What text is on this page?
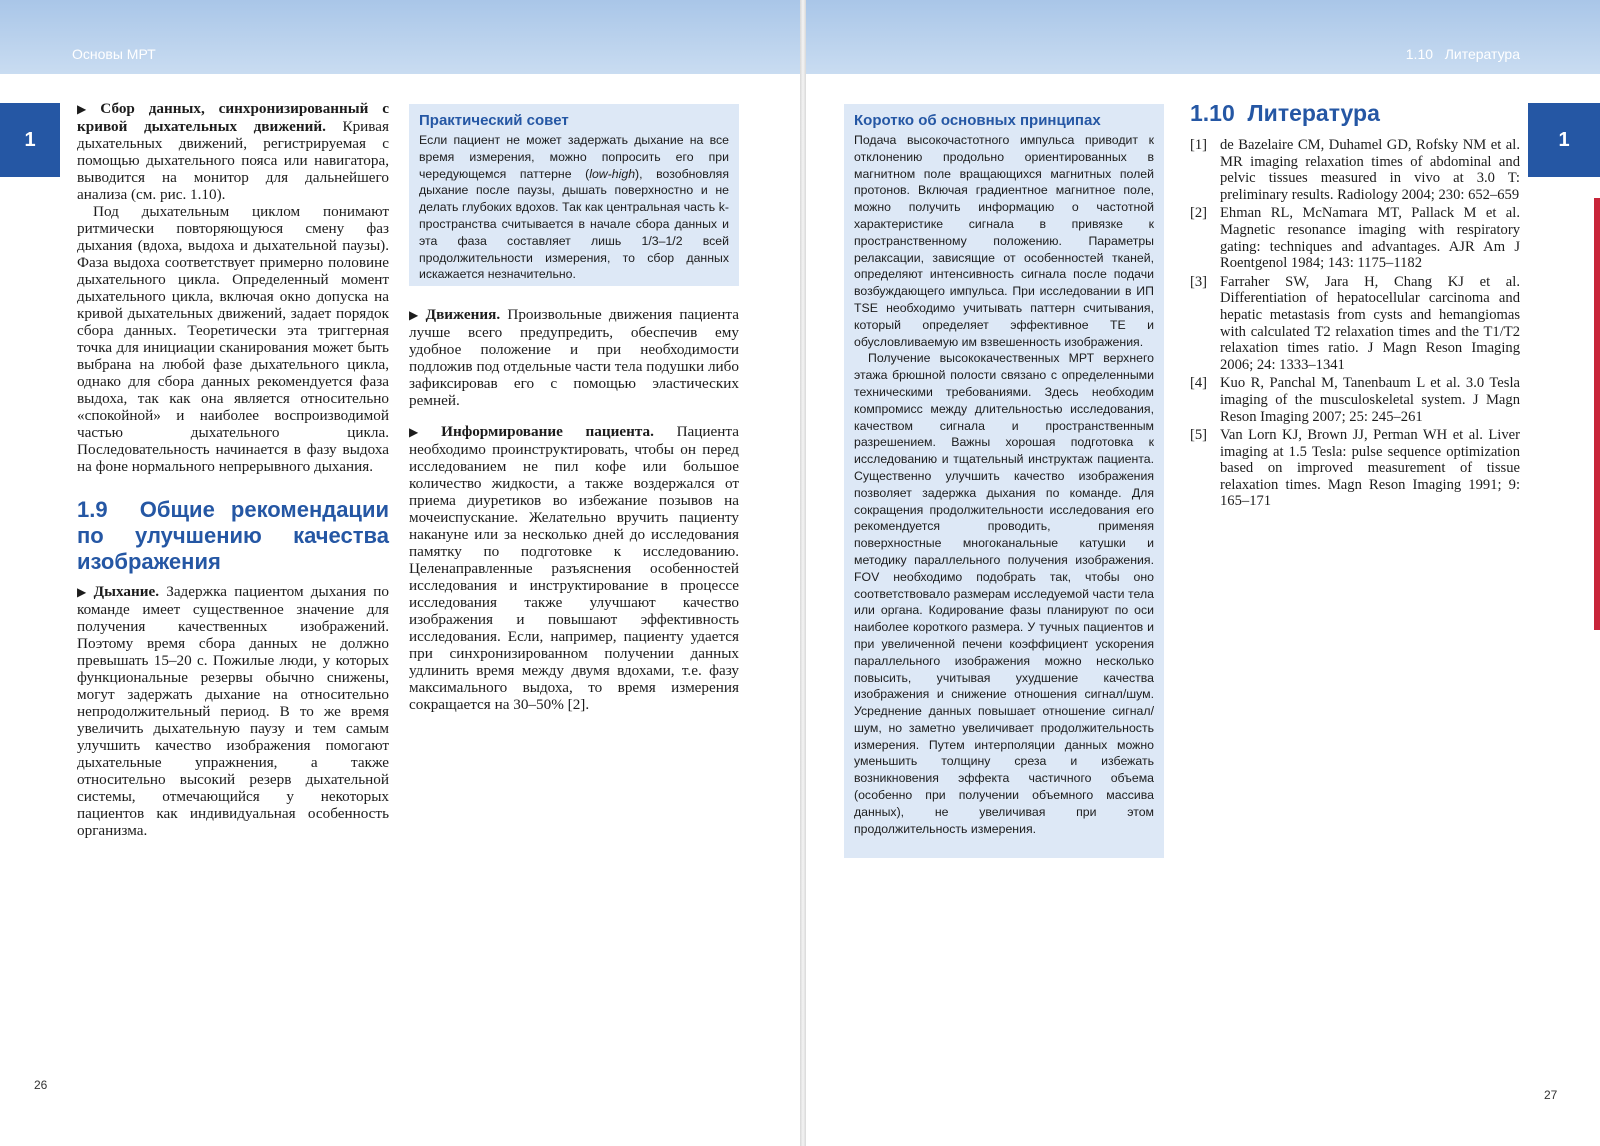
Основы МРТ
1

▶ Сбор данных, синхронизированный с кривой дыхательных движений. Кривая дыхательных движений, регистрируемая с помощью дыхательного пояса или навигатора, выводится на монитор для дальнейшего анализа (см. рис. 1.10).

Под дыхательным циклом понимают ритмически повторяющуюся смену фаз дыхания (вдоха, выдоха и дыхательной паузы). Фаза выдоха соответствует примерно половине дыхательного цикла. Определенный момент дыхательного цикла, включая окно допуска на кривой дыхательных движений, задает порядок сбора данных. Теоретически эта триггерная точка для инициации сканирования может быть выбрана на любой фазе дыхательного цикла, однако для сбора данных рекомендуется фаза выдоха, так как она является относительно «спокойной» и наиболее воспроизводимой частью дыхательного цикла. Последовательность начинается в фазу выдоха на фоне нормального непрерывного дыхания.

1.9 Общие рекомендации по улучшению качества изображения

▶ Дыхание. Задержка пациентом дыхания по команде имеет существенное значение для получения качественных изображений. Поэтому время сбора данных не должно превышать 15–20 с. Пожилые люди, у которых функциональные резервы обычно снижены, могут задержать дыхание на относительно непродолжительный период. В то же время увеличить дыхательную паузу и тем самым улучшить качество изображения помогают дыхательные упражнения, а также относительно высокий резерв дыхательной системы, отмечающийся у некоторых пациентов как индивидуальная особенность организма.

Практический совет

Если пациент не может задержать дыхание на все время измерения, можно попросить его при чередующемся паттерне (low-high), возобновляя дыхание после паузы, дышать поверхностно и не делать глубоких вдохов. Так как центральная часть k-пространства считывается в начале сбора данных и эта фаза составляет лишь 1/3–1/2 всей продолжительности измерения, то сбор данных искажается незначительно.

▶ Движения. Произвольные движения пациента лучше всего предупредить, обеспечив ему удобное положение и при необходимости подложив под отдельные части тела подушки либо зафиксировав его с помощью эластических ремней.

▶ Информирование пациента. Пациента необходимо проинструктировать, чтобы он перед исследованием не пил кофе или большое количество жидкости, а также воздержался от приема диуретиков во избежание позывов на мочеиспускание. Желательно вручить пациенту накануне или за несколько дней до исследования памятку по подготовке к исследованию. Целенаправленные разъяснения особенностей исследования и инструктирование в процессе исследования также улучшают качество изображения и повышают эффективность исследования. Если, например, пациенту удается при синхронизированном получении данных удлинить время между двумя вдохами, т.е. фазу максимального выдоха, то время измерения сокращается на 30–50% [2].

26
1.10 Литература
1
Коротко об основных принципах

Подача высокочастотного импульса приводит к отклонению продольно ориентированных в магнитном поле вращающихся магнитных полей протонов. Включая градиентное магнитное поле, можно получить информацию о частотной характеристике сигнала в привязке к пространственному положению. Параметры релаксации, зависящие от особенностей тканей, определяют интенсивность сигнала после подачи возбуждающего импульса. При исследовании в ИП TSE необходимо учитывать паттерн считывания, который определяет эффективное TE и обусловливаемую им взвешенность изображения.

Получение высококачественных МРТ верхнего этажа брюшной полости связано с определенными техническими требованиями. Здесь необходим компромисс между длительностью исследования, качеством сигнала и пространственным разрешением. Важны хорошая подготовка к исследованию и тщательный инструктаж пациента. Существенно улучшить качество изображения позволяет задержка дыхания по команде. Для сокращения продолжительности исследования его рекомендуется проводить, применяя поверхностные многоканальные катушки и методику параллельного получения изображения. FOV необходимо подобрать так, чтобы оно соответствовало размерам исследуемой части тела или органа. Кодирование фазы планируют по оси наиболее короткого размера. У тучных пациентов и при увеличенной печени коэффициент ускорения параллельного изображения можно несколько повысить, учитывая ухудшение качества изображения и снижение отношения сигнал/шум. Усреднение данных повышает отношение сигнал/шум, но заметно увеличивает продолжительность измерения. Путем интерполяции данных можно уменьшить толщину среза и избежать возникновения эффекта частичного объема (особенно при получении объемного массива данных), не увеличивая при этом продолжительность измерения.

1.10 Литература
[1] de Bazelaire CM, Duhamel GD, Rofsky NM et al. MR imaging relaxation times of abdominal and pelvic tissues measured in vivo at 3.0 T: preliminary results. Radiology 2004; 230: 652–659
[2] Ehman RL, McNamara MT, Pallack M et al. Magnetic resonance imaging with respiratory gating: techniques and advantages. AJR Am J Roentgenol 1984; 143: 1175–1182
[3] Farraher SW, Jara H, Chang KJ et al. Differentiation of hepatocellular carcinoma and hepatic metastasis from cysts and hemangiomas with calculated T2 relaxation times and the T1/T2 relaxation times ratio. J Magn Reson Imaging 2006; 24: 1333–1341
[4] Kuo R, Panchal M, Tanenbaum L et al. 3.0 Tesla imaging of the musculoskeletal system. J Magn Reson Imaging 2007; 25: 245–261
[5] Van Lorn KJ, Brown JJ, Perman WH et al. Liver imaging at 1.5 Tesla: pulse sequence optimization based on improved measurement of tissue relaxation times. Magn Reson Imaging 1991; 9: 165–171
27
